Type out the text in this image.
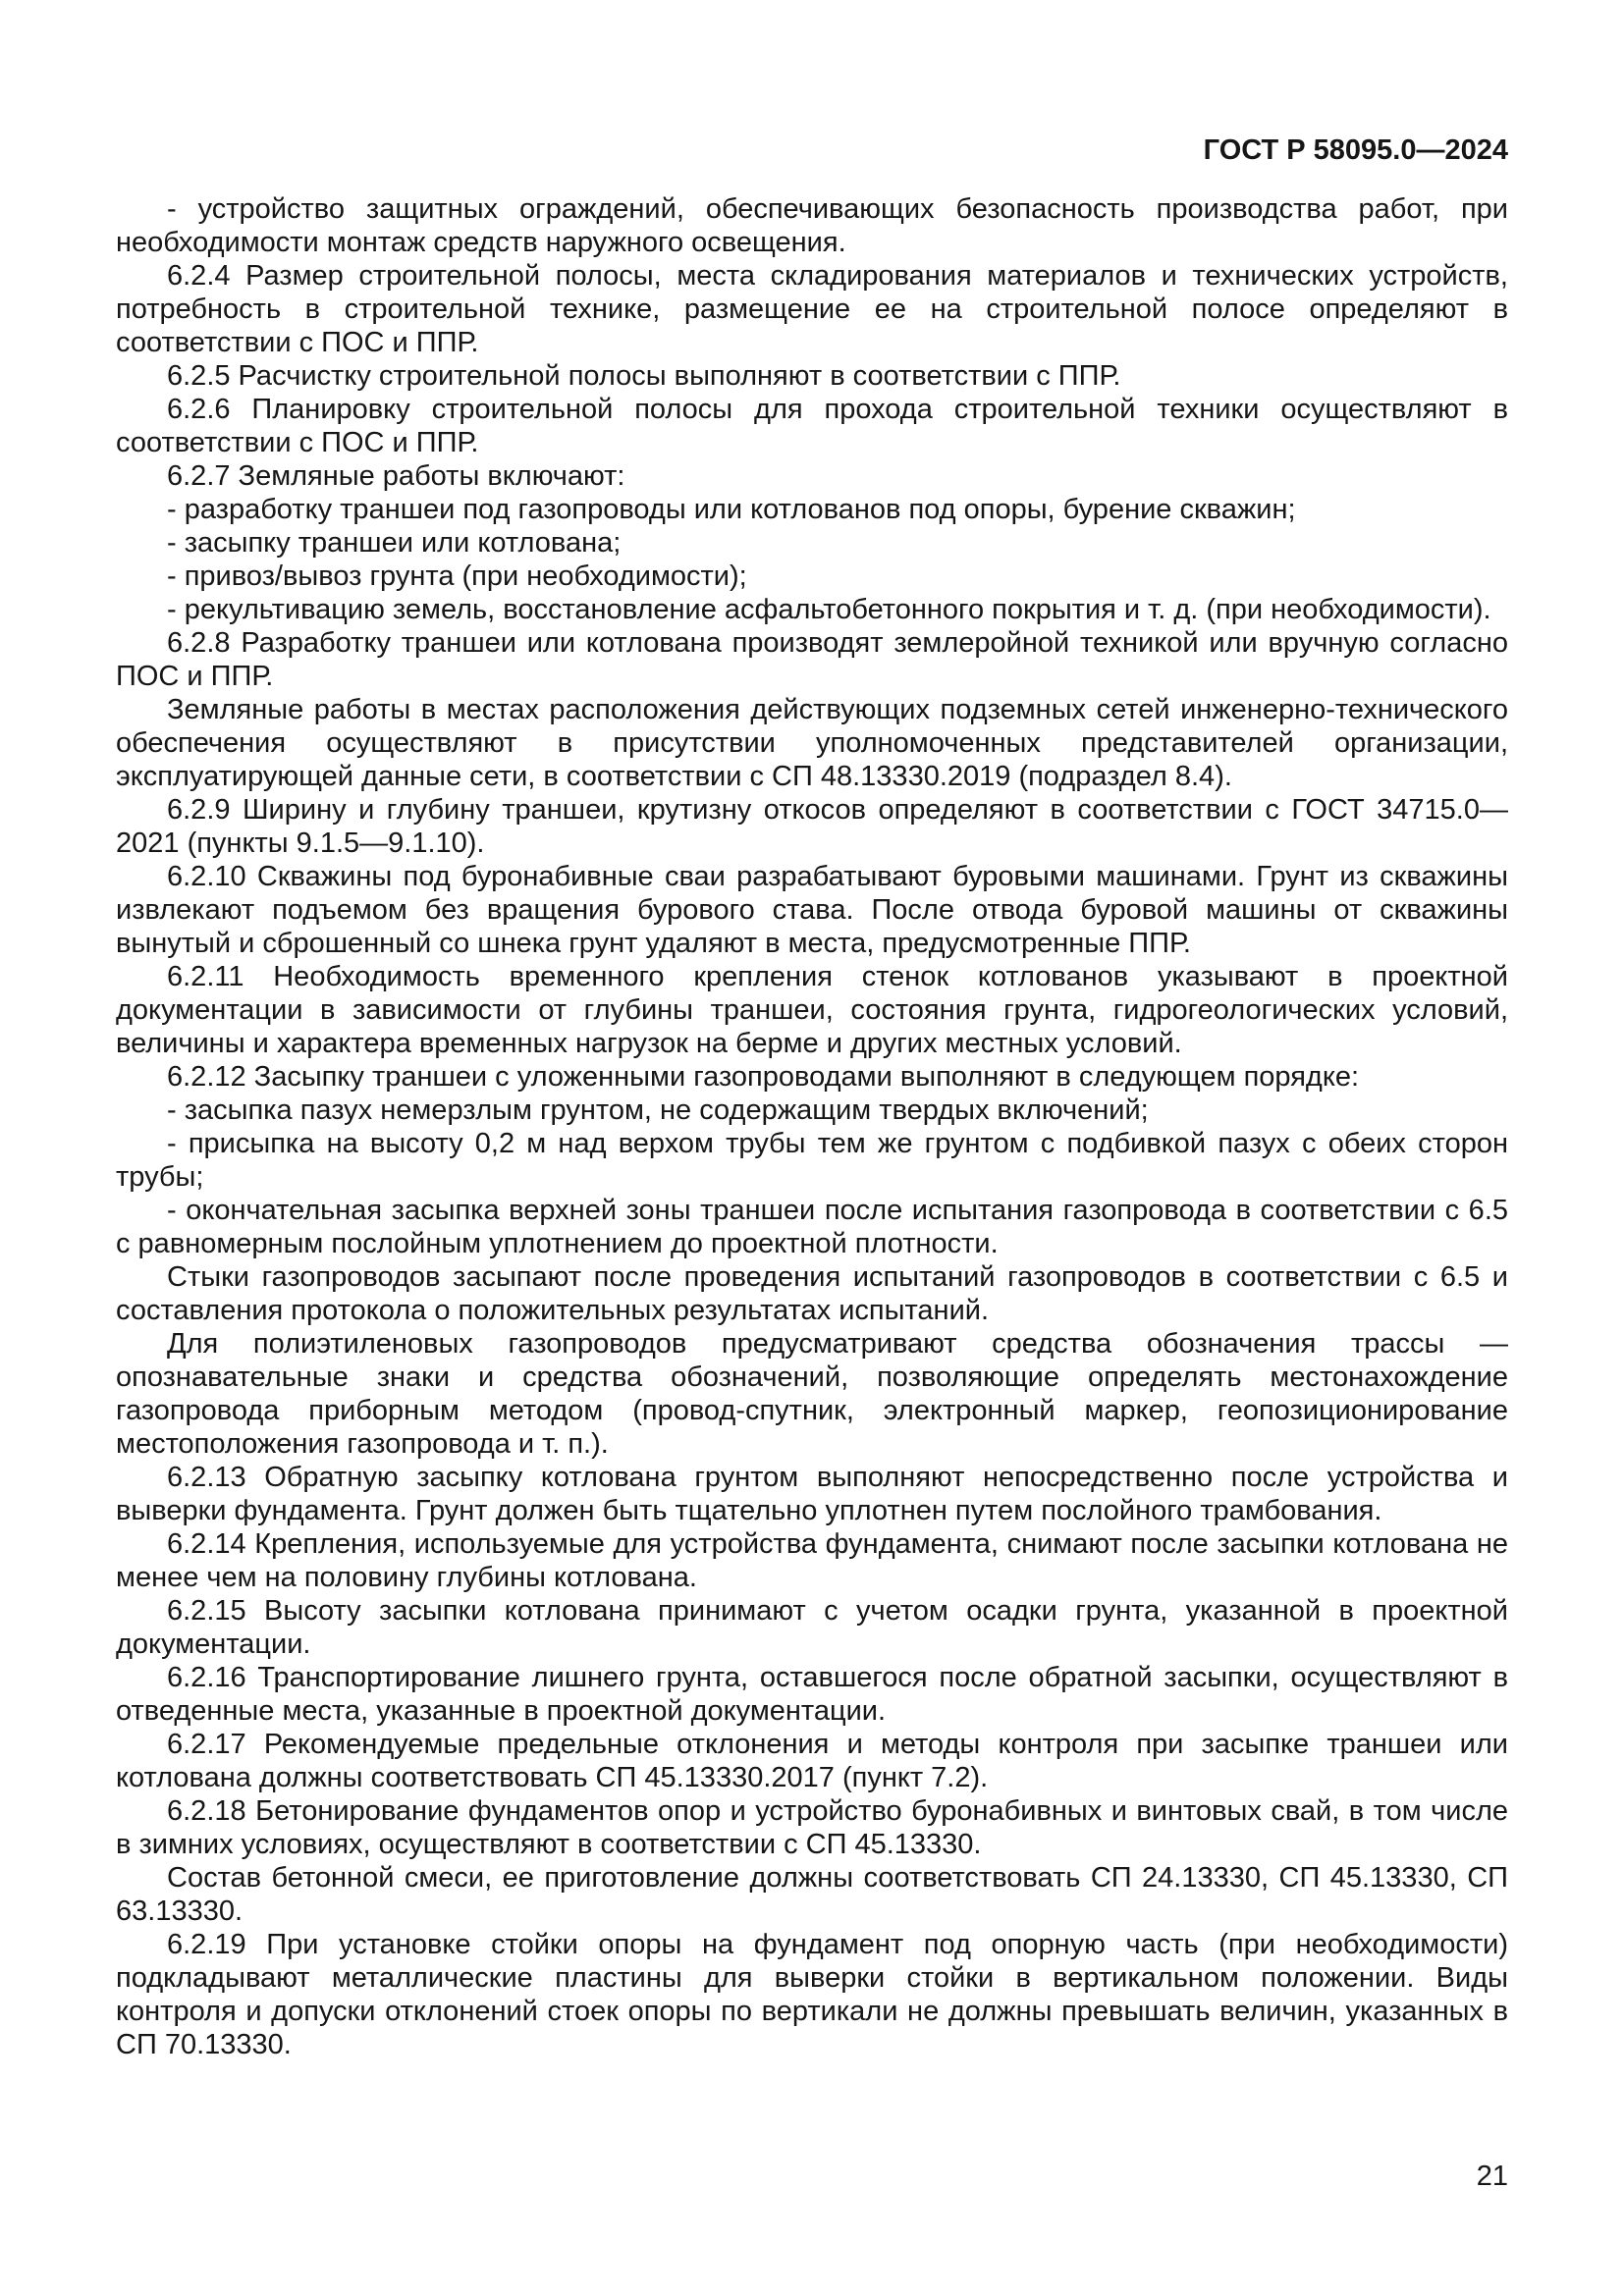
ГОСТ Р 58095.0—2024

- устройство защитных ограждений, обеспечивающих безопасность производства работ, при необходимости монтаж средств наружного освещения.

6.2.4 Размер строительной полосы, места складирования материалов и технических устройств, потребность в строительной технике, размещение ее на строительной полосе определяют в соответствии с ПОС и ППР.

6.2.5 Расчистку строительной полосы выполняют в соответствии с ППР.

6.2.6 Планировку строительной полосы для прохода строительной техники осуществляют в соответствии с ПОС и ППР.

6.2.7 Земляные работы включают:

- разработку траншеи под газопроводы или котлованов под опоры, бурение скважин;

- засыпку траншеи или котлована;

- привоз/вывоз грунта (при необходимости);

- рекультивацию земель, восстановление асфальтобетонного покрытия и т. д. (при необходимости).

6.2.8 Разработку траншеи или котлована производят землеройной техникой или вручную согласно ПОС и ППР.

Земляные работы в местах расположения действующих подземных сетей инженерно-технического обеспечения осуществляют в присутствии уполномоченных представителей организации, эксплуатирующей данные сети, в соответствии с СП 48.13330.2019 (подраздел 8.4).

6.2.9 Ширину и глубину траншеи, крутизну откосов определяют в соответствии с ГОСТ 34715.0—2021 (пункты 9.1.5—9.1.10).

6.2.10 Скважины под буронабивные сваи разрабатывают буровыми машинами. Грунт из скважины извлекают подъемом без вращения бурового става. После отвода буровой машины от скважины вынутый и сброшенный со шнека грунт удаляют в места, предусмотренные ППР.

6.2.11 Необходимость временного крепления стенок котлованов указывают в проектной документации в зависимости от глубины траншеи, состояния грунта, гидрогеологических условий, величины и характера временных нагрузок на берме и других местных условий.

6.2.12 Засыпку траншеи с уложенными газопроводами выполняют в следующем порядке:

- засыпка пазух немерзлым грунтом, не содержащим твердых включений;

- присыпка на высоту 0,2 м над верхом трубы тем же грунтом с подбивкой пазух с обеих сторон трубы;

- окончательная засыпка верхней зоны траншеи после испытания газопровода в соответствии с 6.5 с равномерным послойным уплотнением до проектной плотности.

Стыки газопроводов засыпают после проведения испытаний газопроводов в соответствии с 6.5 и составления протокола о положительных результатах испытаний.

Для полиэтиленовых газопроводов предусматривают средства обозначения трассы — опознавательные знаки и средства обозначений, позволяющие определять местонахождение газопровода приборным методом (провод-спутник, электронный маркер, геопозиционирование местоположения газопровода и т. п.).

6.2.13 Обратную засыпку котлована грунтом выполняют непосредственно после устройства и выверки фундамента. Грунт должен быть тщательно уплотнен путем послойного трамбования.

6.2.14 Крепления, используемые для устройства фундамента, снимают после засыпки котлована не менее чем на половину глубины котлована.

6.2.15 Высоту засыпки котлована принимают с учетом осадки грунта, указанной в проектной документации.

6.2.16 Транспортирование лишнего грунта, оставшегося после обратной засыпки, осуществляют в отведенные места, указанные в проектной документации.

6.2.17 Рекомендуемые предельные отклонения и методы контроля при засыпке траншеи или котлована должны соответствовать СП 45.13330.2017 (пункт 7.2).

6.2.18 Бетонирование фундаментов опор и устройство буронабивных и винтовых свай, в том числе в зимних условиях, осуществляют в соответствии с СП 45.13330.

Состав бетонной смеси, ее приготовление должны соответствовать СП 24.13330, СП 45.13330, СП 63.13330.

6.2.19 При установке стойки опоры на фундамент под опорную часть (при необходимости) подкладывают металлические пластины для выверки стойки в вертикальном положении. Виды контроля и допуски отклонений стоек опоры по вертикали не должны превышать величин, указанных в СП 70.13330.

21
